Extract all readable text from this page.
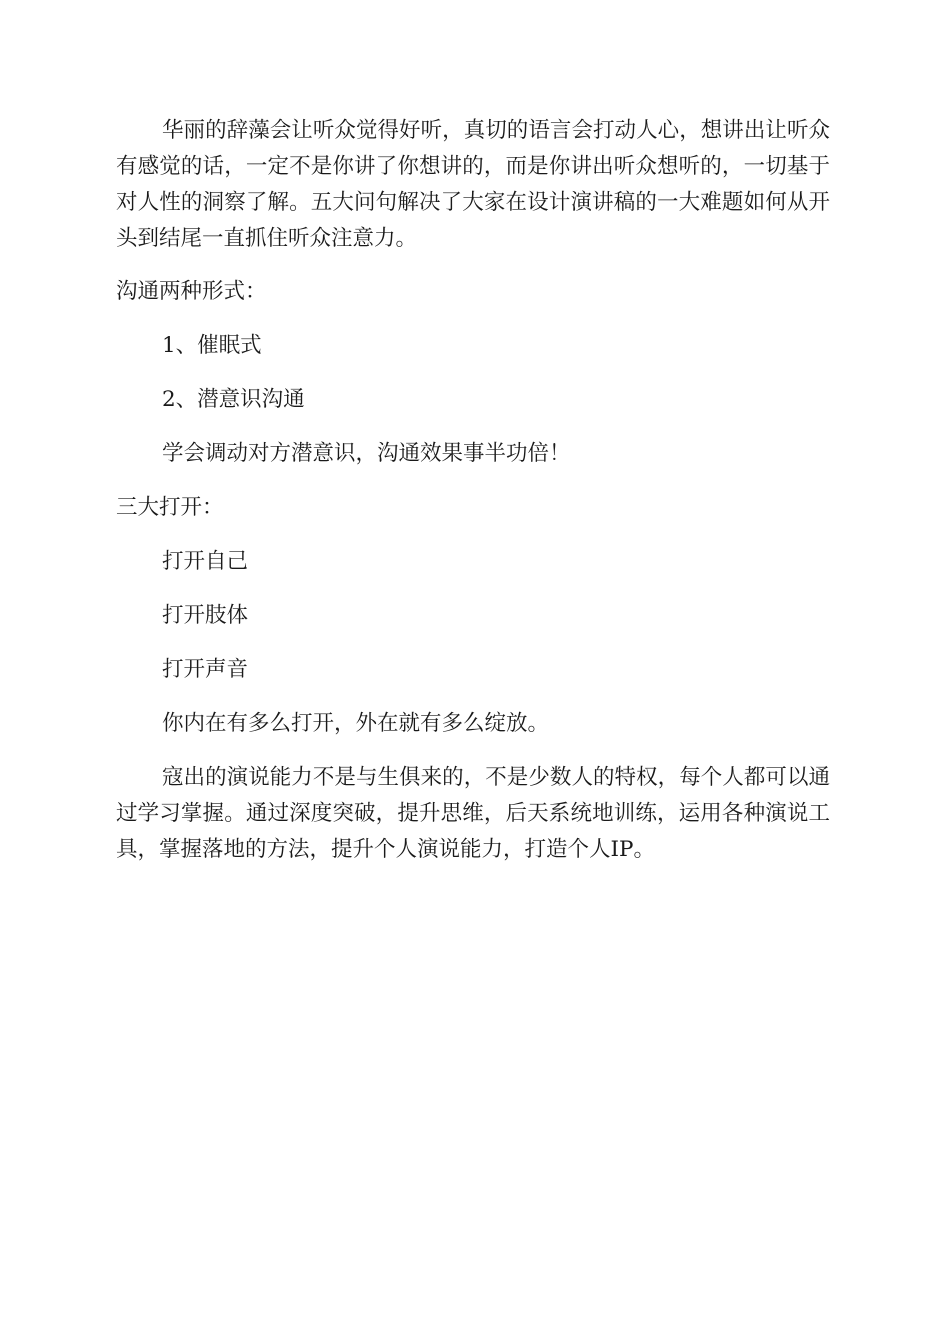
华丽的辞藻会让听众觉得好听，真切的语言会打动人心，想讲出让听众有感觉的话，一定不是你讲了你想讲的，而是你讲出听众想听的，一切基于对人性的洞察了解。五大问句解决了大家在设计演讲稿的一大难题如何从开头到结尾一直抓住听众注意力。

沟通两种形式：

1、催眠式

2、潜意识沟通

学会调动对方潜意识，沟通效果事半功倍！

三大打开：

打开自己

打开肢体

打开声音

你内在有多么打开，外在就有多么绽放。

寇出的演说能力不是与生俱来的，不是少数人的特权，每个人都可以通过学习掌握。通过深度突破，提升思维，后天系统地训练，运用各种演说工具，掌握落地的方法，提升个人演说能力，打造个人IP。
